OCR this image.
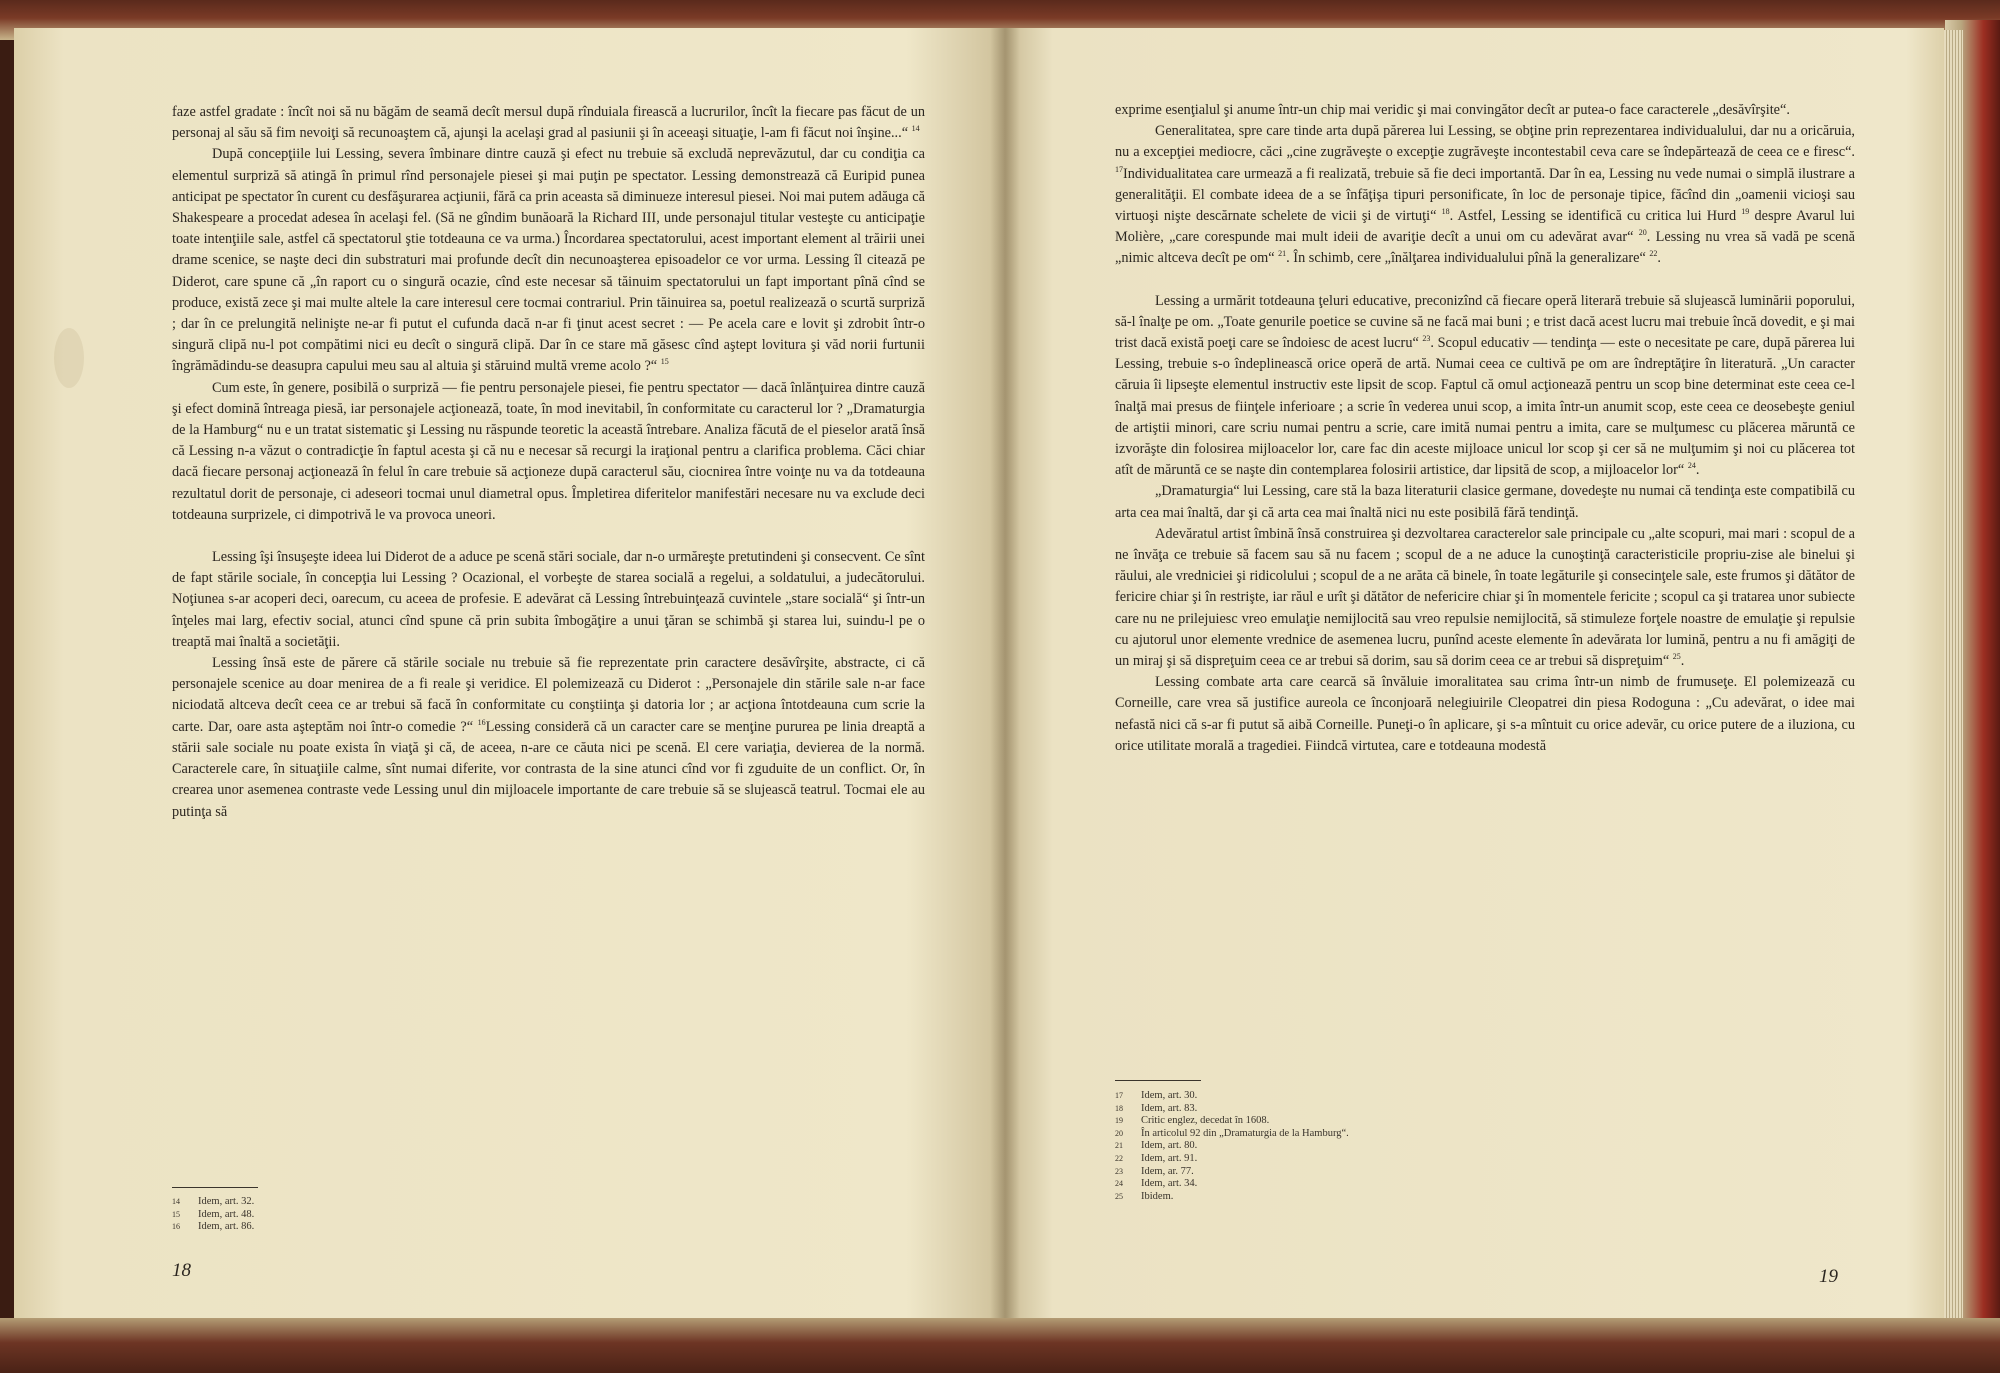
faze astfel gradate : încît noi să nu băgăm de seamă decît mersul după rînduiala firească a lucrurilor, încît la fiecare pas făcut de un personaj al său să fim nevoiţi să recunoaştem că, ajunşi la acelaşi grad al pasiunii şi în aceeaşi situaţie, l-am fi făcut noi înşine...“ $^{14}$

După concepţiile lui Lessing, severa îmbinare dintre cauză şi efect nu trebuie să excludă neprevăzutul, dar cu condiţia ca elementul surpriză să atingă în primul rînd personajele piesei şi mai puţin pe spectator. Lessing demonstrează că Euripid punea anticipat pe spectator în curent cu desfăşurarea acţiunii, fără ca prin aceasta să diminueze interesul piesei. Noi mai putem adăuga că Shakespeare a procedat adesea în acelaşi fel. (Să ne gîndim bunăoară la Richard III, unde personajul titular vesteşte cu anticipaţie toate intenţiile sale, astfel că spectatorul ştie totdeauna ce va urma.) Încordarea spectatorului, acest important element al trăirii unei drame scenice, se naşte deci din substraturi mai profunde decît din necunoaşterea episoadelor ce vor urma. Lessing îl citează pe Diderot, care spune că „în raport cu o singură ocazie, cînd este necesar să tăinuim spectatorului un fapt important pînă cînd se produce, există zece şi mai multe altele la care interesul cere tocmai contrariul. Prin tăinuirea sa, poetul realizează o scurtă surpriză ; dar în ce prelungită nelinişte ne-ar fi putut el cufunda dacă n-ar fi ţinut acest secret : — Pe acela care e lovit şi zdrobit într-o singură clipă nu-l pot compătimi nici eu decît o singură clipă. Dar în ce stare mă găsesc cînd aştept lovitura şi văd norii furtunii îngrămădindu-se deasupra capului meu sau al altuia şi stăruind multă vreme acolo ?“ $^{15}$

Cum este, în genere, posibilă o surpriză — fie pentru personajele piesei, fie pentru spectator — dacă înlănţuirea dintre cauză şi efect domină întreaga piesă, iar personajele acţionează, toate, în mod inevitabil, în conformitate cu caracterul lor ? „Dramaturgia de la Hamburg“ nu e un tratat sistematic şi Lessing nu răspunde teoretic la această întrebare. Analiza făcută de el pieselor arată însă că Lessing n-a văzut o contradicţie în faptul acesta şi că nu e necesar să recurgi la iraţional pentru a clarifica problema. Căci chiar dacă fiecare personaj acţionează în felul în care trebuie să acţioneze după caracterul său, ciocnirea între voinţe nu va da totdeauna rezultatul dorit de personaje, ci adeseori tocmai unul diametral opus. Împletirea diferitelor manifestări necesare nu va exclude deci totdeauna surprizele, ci dimpotrivă le va provoca uneori.

Lessing îşi însuşeşte ideea lui Diderot de a aduce pe scenă stări sociale, dar n-o urmăreşte pretutindeni şi consecvent. Ce sînt de fapt stările sociale, în concepţia lui Lessing ? Ocazional, el vorbeşte de starea socială a regelui, a soldatului, a judecătorului. Noţiunea s-ar acoperi deci, oarecum, cu aceea de profesie. E adevărat că Lessing întrebuinţează cuvintele „stare socială“ şi într-un înţeles mai larg, efectiv social, atunci cînd spune că prin subita îmbogăţire a unui ţăran se schimbă şi starea lui, suindu-l pe o treaptă mai înaltă a societăţii.

Lessing însă este de părere că stările sociale nu trebuie să fie reprezentate prin caractere desăvîrşite, abstracte, ci că personajele scenice au doar menirea de a fi reale şi veridice. El polemizează cu Diderot : „Personajele din stările sale n-ar face niciodată altceva decît ceea ce ar trebui să facă în conformitate cu conştiinţa şi datoria lor ; ar acţiona întotdeauna cum scrie la carte. Dar, oare asta aşteptăm noi într-o comedie ?“ $^{16}$Lessing consideră că un caracter care se menţine pururea pe linia dreaptă a stării sale sociale nu poate exista în viaţă şi că, de aceea, n-are ce căuta nici pe scenă. El cere variaţia, devierea de la normă. Caracterele care, în situaţiile calme, sînt numai diferite, vor contrasta de la sine atunci cînd vor fi zguduite de un conflict. Or, în crearea unor asemenea contraste vede Lessing unul din mijloacele importante de care trebuie să se slujească teatrul. Tocmai ele au putinţa să

14 Idem, art. 32.
15 Idem, art. 48.
16 Idem, art. 86.
18

exprime esenţialul şi anume într-un chip mai veridic şi mai convingător decît ar putea-o face caracterele „desăvîrşite“.

Generalitatea, spre care tinde arta după părerea lui Lessing, se obţine prin reprezentarea individualului, dar nu a oricăruia, nu a excepţiei mediocre, căci „cine zugrăveşte o excepţie zugrăveşte incontestabil ceva care se îndepărtează de ceea ce e firesc“. $^{17}$Individualitatea care urmează a fi realizată, trebuie să fie deci importantă. Dar în ea, Lessing nu vede numai o simplă ilustrare a generalităţii. El combate ideea de a se înfăţişa tipuri personificate, în loc de personaje tipice, făcînd din „oamenii vicioşi sau virtuoşi nişte descărnate schelete de vicii şi de virtuţi“ $^{18}$. Astfel, Lessing se identifică cu critica lui Hurd $^{19}$ despre Avarul lui Molière, „care corespunde mai mult ideii de avariţie decît a unui om cu adevărat avar“ $^{20}$. Lessing nu vrea să vadă pe scenă „nimic altceva decît pe om“ $^{21}$. În schimb, cere „înălţarea individualului pînă la generalizare“ $^{22}$.

Lessing a urmărit totdeauna ţeluri educative, preconizînd că fiecare operă literară trebuie să slujească luminării poporului, să-l înalţe pe om. „Toate genurile poetice se cuvine să ne facă mai buni ; e trist dacă acest lucru mai trebuie încă dovedit, e şi mai trist dacă există poeţi care se îndoiesc de acest lucru“ $^{23}$. Scopul educativ — tendinţa — este o necesitate pe care, după părerea lui Lessing, trebuie s-o îndeplinească orice operă de artă. Numai ceea ce cultivă pe om are îndreptăţire în literatură. „Un caracter căruia îi lipseşte elementul instructiv este lipsit de scop. Faptul că omul acţionează pentru un scop bine determinat este ceea ce-l înalţă mai presus de fiinţele inferioare ; a scrie în vederea unui scop, a imita într-un anumit scop, este ceea ce deosebeşte geniul de artiştii minori, care scriu numai pentru a scrie, care imită numai pentru a imita, care se mulţumesc cu plăcerea măruntă ce izvorăşte din folosirea mijloacelor lor, care fac din aceste mijloace unicul lor scop şi cer să ne mulţumim şi noi cu plăcerea tot atît de măruntă ce se naşte din contemplarea folosirii artistice, dar lipsită de scop, a mijloacelor lor“ $^{24}$.

„Dramaturgia“ lui Lessing, care stă la baza literaturii clasice germane, dovedeşte nu numai că tendinţa este compatibilă cu arta cea mai înaltă, dar şi că arta cea mai înaltă nici nu este posibilă fără tendinţă.

Adevăratul artist îmbină însă construirea şi dezvoltarea caracterelor sale principale cu „alte scopuri, mai mari : scopul de a ne învăţa ce trebuie să facem sau să nu facem ; scopul de a ne aduce la cunoştinţă caracteristicile propriu-zise ale binelui şi răului, ale vredniciei şi ridicolului ; scopul de a ne arăta că binele, în toate legăturile şi consecinţele sale, este frumos şi dătător de fericire chiar şi în restrişte, iar răul e urît şi dătător de nefericire chiar şi în momentele fericite ; scopul ca şi tratarea unor subiecte care nu ne prilejuiesc vreo emulaţie nemijlocită sau vreo repulsie nemijlocită, să stimuleze forţele noastre de emulaţie şi repulsie cu ajutorul unor elemente vrednice de asemenea lucru, punînd aceste elemente în adevărata lor lumină, pentru a nu fi amăgiţi de un miraj şi să dispreţuim ceea ce ar trebui să dorim, sau să dorim ceea ce ar trebui să dispreţuim“ $^{25}$.

Lessing combate arta care cearcă să învăluie imoralitatea sau crima într-un nimb de frumuseţe. El polemizează cu Corneille, care vrea să justifice aureola ce înconjoară nelegiuirile Cleopatrei din piesa Rodoguna : „Cu adevărat, o idee mai nefastă nici că s-ar fi putut să aibă Corneille. Puneţi-o în aplicare, şi s-a mîntuit cu orice adevăr, cu orice putere de a iluziona, cu orice utilitate morală a tragediei. Fiindcă virtutea, care e totdeauna modestă

17 Idem, art. 30.
18 Idem, art. 83.
19 Critic englez, decedat în 1608.
20 În articolul 92 din „Dramaturgia de la Hamburg“.
21 Idem, art. 80.
22 Idem, art. 91.
23 Idem, ar. 77.
24 Idem, art. 34.
25 Ibidem.
19
